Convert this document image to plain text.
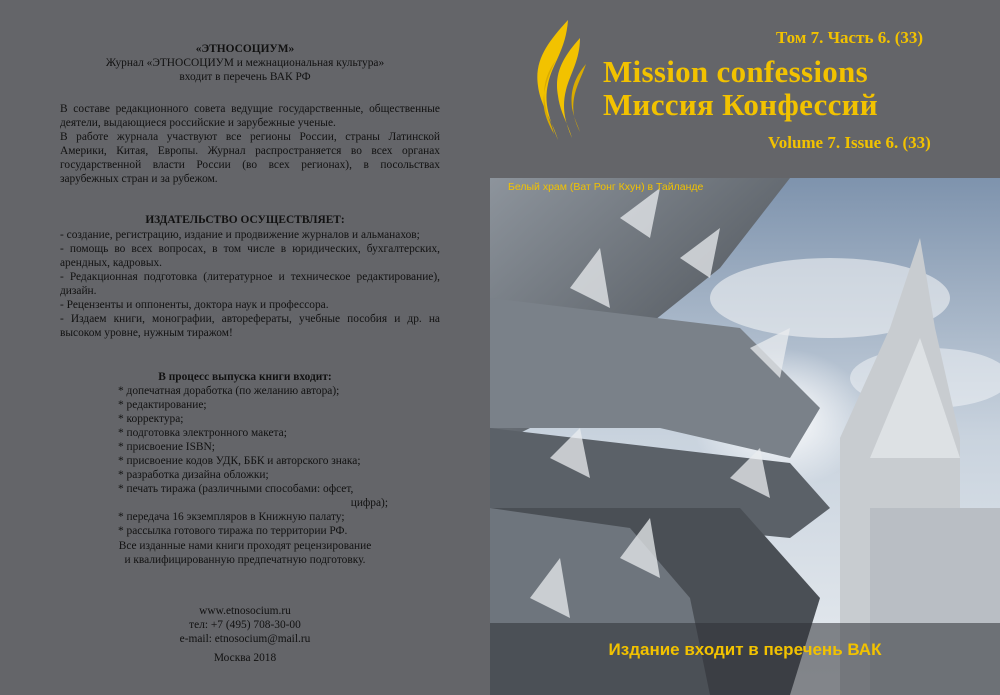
«ЭТНОСОЦИУМ»
Журнал «ЭТНОСОЦИУМ и межнациональная культура»
входит в перечень ВАК РФ

В составе редакционного совета ведущие государственные, общественные деятели, выдающиеся российские и зарубежные ученые.

В работе журнала участвуют все регионы России, страны Латинской Америки, Китая, Европы. Журнал распространяется во всех органах государственной власти России (во всех регионах), в посольствах зарубежных стран и за рубежом.

ИЗДАТЕЛЬСТВО ОСУЩЕСТВЛЯЕТ:

- создание, регистрацию, издание и продвижение журналов и альманахов;

- помощь во всех вопросах, в том числе в юридических, бухгалтерских, арендных, кадровых.

- Редакционная подготовка (литературное и техническое редактирование), дизайн.

- Рецензенты и оппоненты, доктора наук и профессора.

- Издаем книги, монографии, автореферaты, учебные пособия и др. на высоком уровне, нужным тиражом!

В процесс выпуска книги входит:

* допечатная доработка (по желанию автора);

* редактирование;

* корректура;

* подготовка электронного макета;

* присвоение ISBN;

* присвоение кодов УДК, ББК и авторского знака;

* разработка дизайна обложки;

* печать тиража (различными способами: офсет,

цифра);

* передача 16 экземпляров в Книжную палату;

* рассылка готового тиража по территории РФ.

Все изданные нами книги проходят рецензирование
и квалифицированную предпечатную подготовку.
www.etnosocium.ru
тел: +7 (495) 708-30-00
e-mail: etnosocium@mail.ru
Москва 2018
Том 7. Часть 6. (33)
Mission confessions
Миссия Конфессий
Volume 7. Issue 6. (33)
Белый храм (Ват Ронг Кхун) в Тайланде
Издание входит в перечень ВАК
